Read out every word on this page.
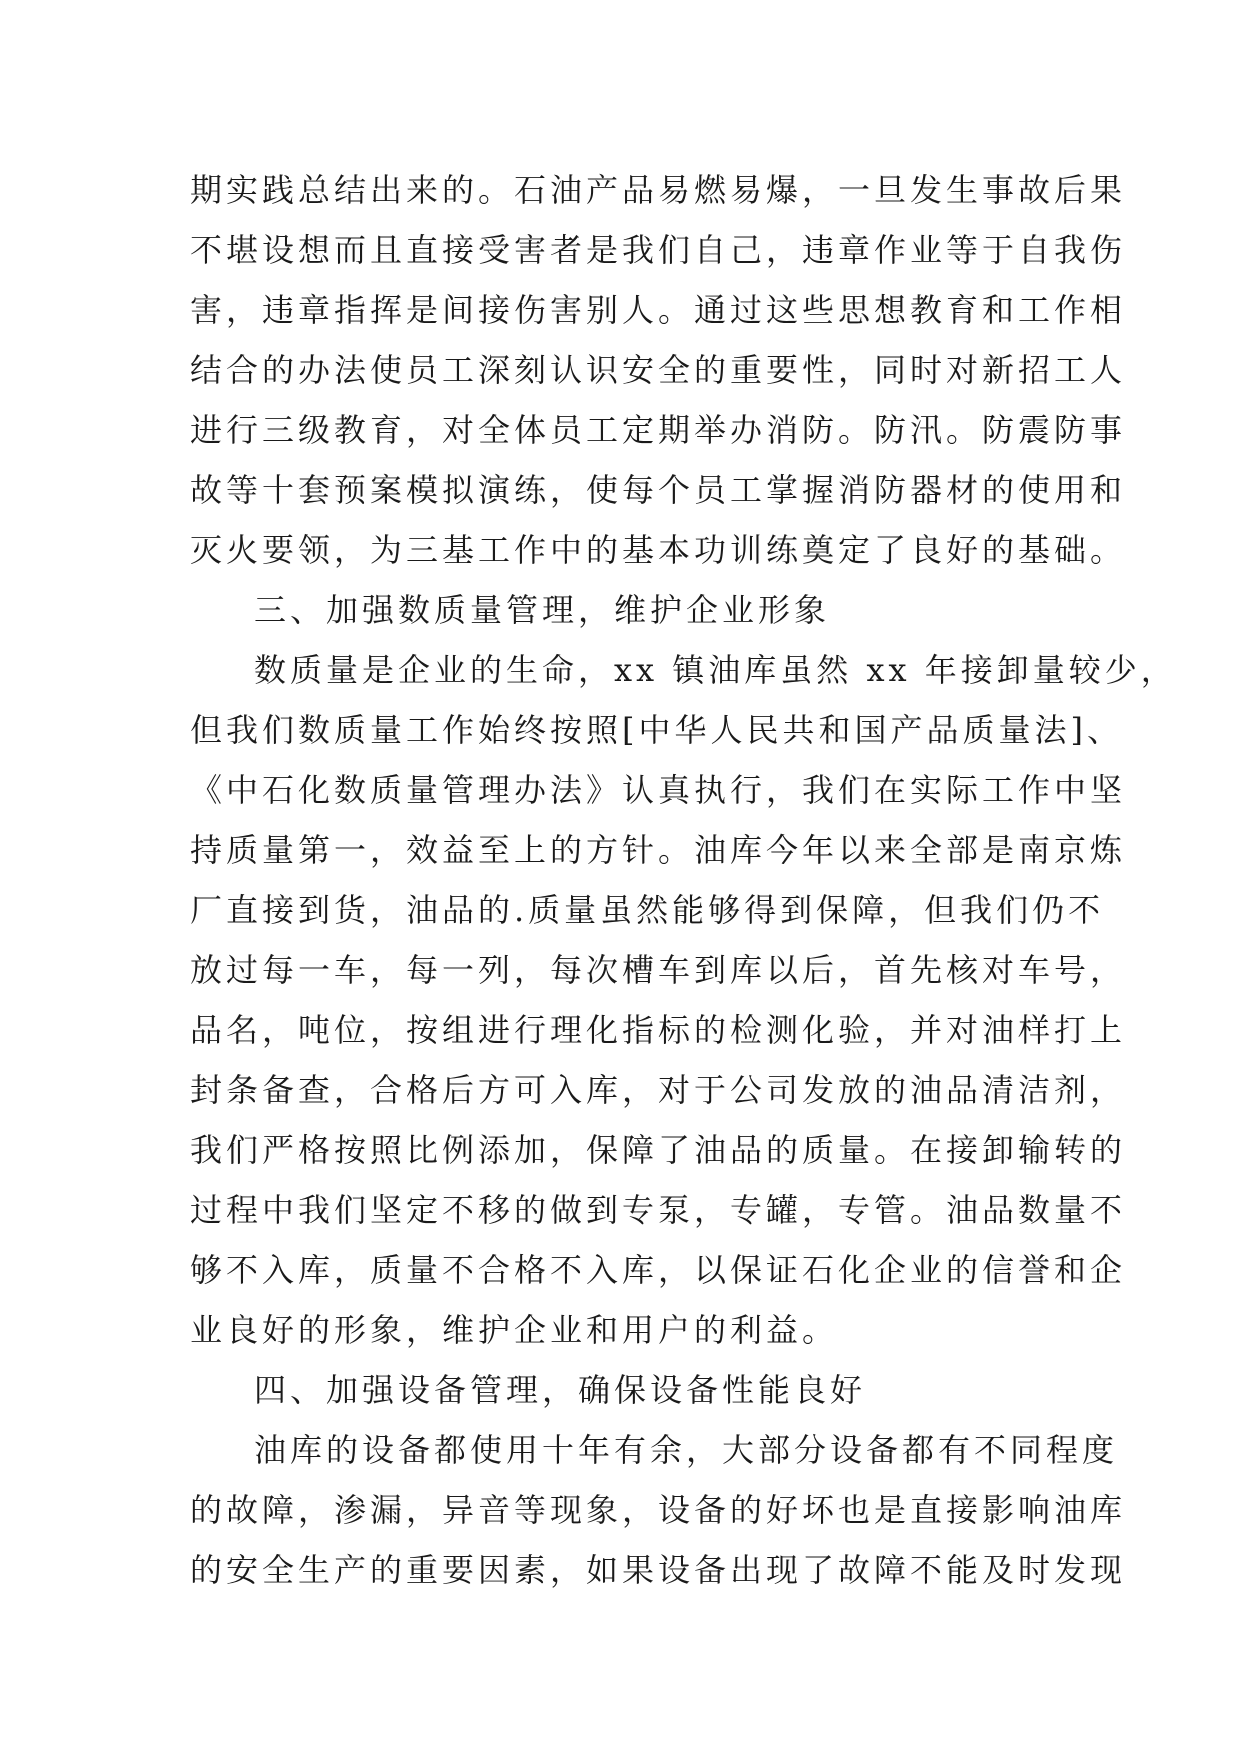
期实践总结出来的。石油产品易燃易爆，一旦发生事故后果
不堪设想而且直接受害者是我们自己，违章作业等于自我伤
害，违章指挥是间接伤害别人。通过这些思想教育和工作相
结合的办法使员工深刻认识安全的重要性，同时对新招工人
进行三级教育，对全体员工定期举办消防。防汛。防震防事
故等十套预案模拟演练，使每个员工掌握消防器材的使用和
灭火要领，为三基工作中的基本功训练奠定了良好的基础。
三、加强数质量管理，维护企业形象
数质量是企业的生命，xx 镇油库虽然 xx 年接卸量较少，
但我们数质量工作始终按照[中华人民共和国产品质量法]、
《中石化数质量管理办法》认真执行，我们在实际工作中坚
持质量第一，效益至上的方针。油库今年以来全部是南京炼
厂直接到货，油品的.质量虽然能够得到保障，但我们仍不
放过每一车，每一列，每次槽车到库以后，首先核对车号，
品名，吨位，按组进行理化指标的检测化验，并对油样打上
封条备查，合格后方可入库，对于公司发放的油品清洁剂，
我们严格按照比例添加，保障了油品的质量。在接卸输转的
过程中我们坚定不移的做到专泵，专罐，专管。油品数量不
够不入库，质量不合格不入库，以保证石化企业的信誉和企
业良好的形象，维护企业和用户的利益。
四、加强设备管理，确保设备性能良好
油库的设备都使用十年有余，大部分设备都有不同程度
的故障，渗漏，异音等现象，设备的好坏也是直接影响油库
的安全生产的重要因素，如果设备出现了故障不能及时发现
